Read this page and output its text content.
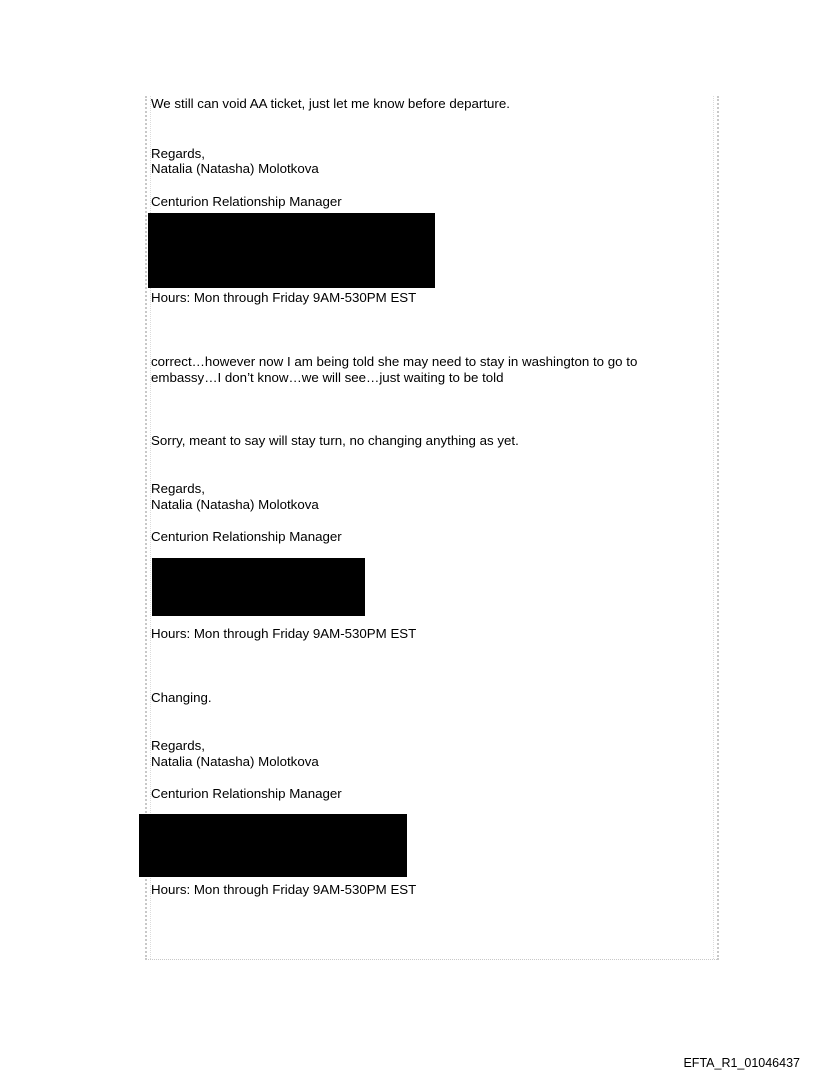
We still can void AA ticket, just let me know before departure.
Regards,
Natalia (Natasha) Molotkova
Centurion Relationship Manager
Hours: Mon through Friday 9AM-530PM EST
correct…however now I am being told she may need to stay in washington to go to
embassy…I don’t know…we will see…just waiting to be told
Sorry, meant to say will stay turn, no changing anything as yet.
Regards,
Natalia (Natasha) Molotkova
Centurion Relationship Manager
Hours: Mon through Friday 9AM-530PM EST
Changing.
Regards,
Natalia (Natasha) Molotkova
Centurion Relationship Manager
Hours: Mon through Friday 9AM-530PM EST
EFTA_R1_01046437
